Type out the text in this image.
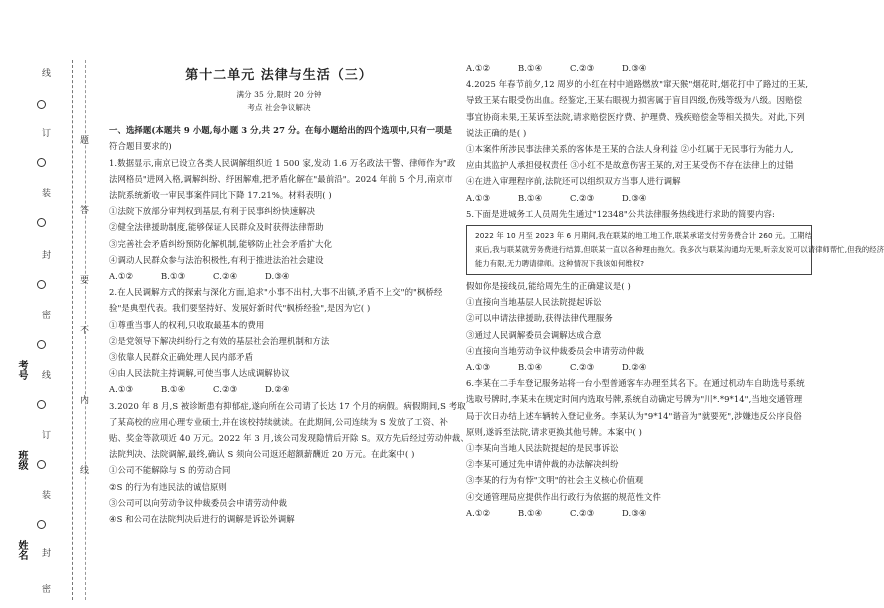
线
订
装
封
密
线
订
装
封
密
题
答
要
不
内
线
考号
班级
姓名

第十二单元 法律与生活（三）

满分 35 分,限时 20 分钟

考点 社会争议解决

一、选择题(本题共 9 小题,每小题 3 分,共 27 分。在每小题给出的四个选项中,只有一项是

符合题目要求的)

1.数据显示,南京已设立各类人民调解组织近 1 500 家,发动 1.6 万名政法干警、律师作为"政

法网格员"进网入格,调解纠纷、纾困解难,把矛盾化解在"最前沿"。2024 年前 5 个月,南京市

法院系统新收一审民事案件同比下降 17.21%。材料表明( )

①法院下放部分审判权到基层,有利于民事纠纷快速解决

②健全法律援助制度,能够保证人民群众及时获得法律帮助

③完善社会矛盾纠纷预防化解机制,能够防止社会矛盾扩大化

④调动人民群众参与法治积极性,有利于推进法治社会建设

A.①②	B.①③	C.②④	D.③④

2.在人民调解方式的探索与深化方面,追求"小事不出村,大事不出镇,矛盾不上交"的"枫桥经

验"是典型代表。我们要坚持好、发展好新时代"枫桥经验",是因为它( )

①尊重当事人的权利,只收取最基本的费用

②是党领导下解决纠纷行之有效的基层社会治理机制和方法

③依靠人民群众正确处理人民内部矛盾

④由人民法院主持调解,可使当事人达成调解协议

A.①③	B.①④	C.②③	D.②④

3.2020 年 8 月,S 被诊断患有抑郁症,遂向所在公司请了长达 17 个月的病假。病假期间,S 考取

了某高校的应用心理专业硕士,并在该校持续就读。在此期间,公司连续为 S 发放了工资、补

贴、奖金等款项近 40 万元。2022 年 3 月,该公司发现隐情后开除 S。双方先后经过劳动仲裁、

法院判决、法院调解,最终,确认 S 须向公司返还超额薪酬近 20 万元。在此案中( )

①公司不能解除与 S 的劳动合同

②S 的行为有违民法的诚信原则

③公司可以向劳动争议仲裁委员会申请劳动仲裁

④S 和公司在法院判决后进行的调解是诉讼外调解

A.①②	B.①④	C.②③	D.③④

4.2025 年春节前夕,12 周岁的小红在村中道路燃放"窜天猴"烟花时,烟花打中了路过的王某,

导致王某右眼受伤出血。经鉴定,王某右眼视力损害属于盲目四级,伤残等级为八级。因赔偿

事宜协商未果,王某诉至法院,请求赔偿医疗费、护理费、残疾赔偿金等相关损失。对此,下列

说法正确的是( )

①本案件所涉民事法律关系的客体是王某的合法人身利益 ②小红属于无民事行为能力人,

应由其监护人承担侵权责任 ③小红不是故意伤害王某的,对王某受伤不存在法律上的过错

④在进入审理程序前,法院还可以组织双方当事人进行调解

A.①③	B.①④	C.②③	D.③④

5.下面是进城务工人员周先生通过"12348"公共法律服务热线进行求助的简要内容:

2022 年 10 月至 2023 年 6 月期间,我在联某的地工地工作,联某承诺支付劳务费合计 260 元。工期结

束后,我与联某就劳务费进行结算,但联某一直以各种理由拖欠。我多次与联某沟通均无果,听亲友说可以请律师帮忙,但我的经济

能力有限,无力聘请律师。这种情况下我该如何维权?

假如你是接线员,能给周先生的正确建议是( )

①直接向当地基层人民法院提起诉讼

②可以申请法律援助,获得法律代理服务

③通过人民调解委员会调解达成合意

④直接向当地劳动争议仲裁委员会申请劳动仲裁

A.①③	B.①④	C.②③	D.②④

6.李某在二手车登记服务站将一台小型普通客车办理至其名下。在通过机动车自助选号系统

选取号牌时,李某未在规定时间内选取号牌,系统自动确定号牌为"川*.*9*14",当地交通管理

局于次日办结上述车辆转入登记业务。李某认为"9*14"谐音为"就要死",涉嫌违反公序良俗

原则,遂诉至法院,请求更换其他号牌。本案中( )

①李某向当地人民法院提起的是民事诉讼

②李某可通过先申请仲裁的办法解决纠纷

③李某的行为有悖"文明"的社会主义核心价值观

④交通管理局应提供作出行政行为依据的规范性文件

A.①②	B.①④	C.②③	D.③④
